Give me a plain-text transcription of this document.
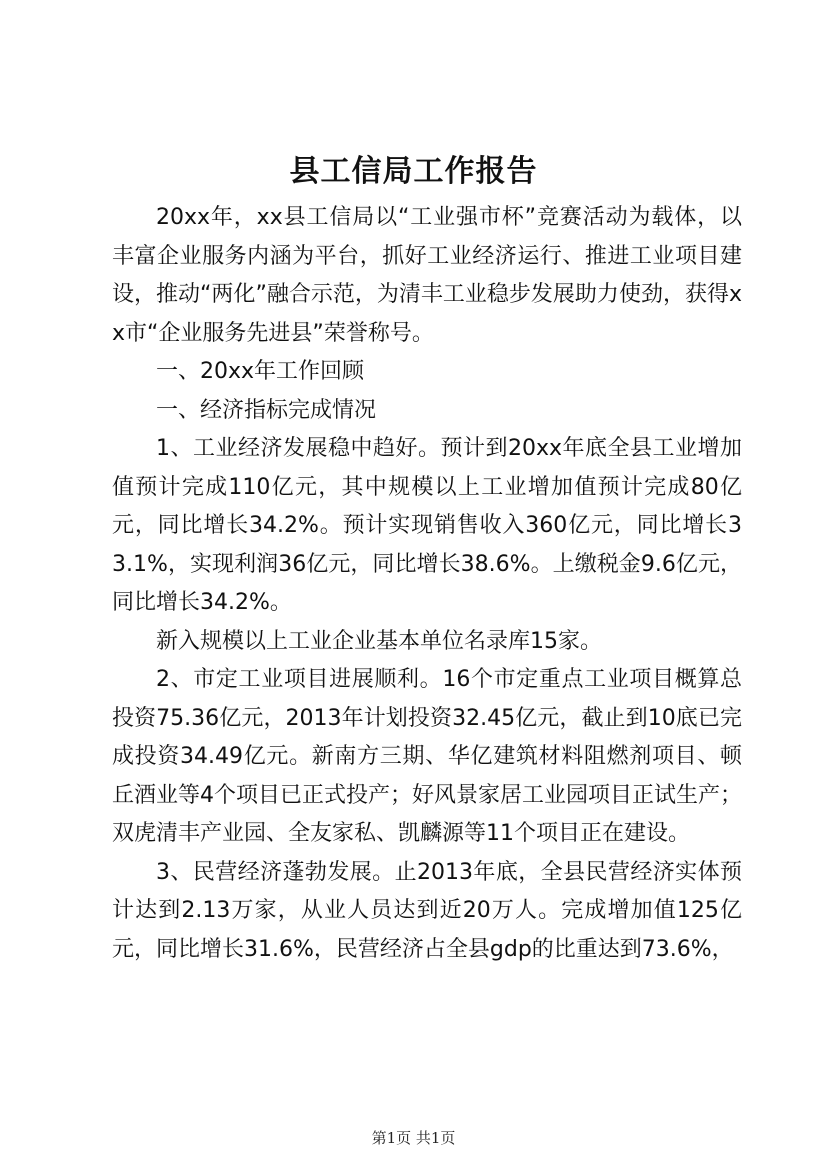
县工信局工作报告

20xx年，xx县工信局以“工业强市杯”竞赛活动为载体，以丰富企业服务内涵为平台，抓好工业经济运行、推进工业项目建设，推动“两化”融合示范，为清丰工业稳步发展助力使劲，获得xx市“企业服务先进县”荣誉称号。

一、20xx年工作回顾

一、经济指标完成情况

1、工业经济发展稳中趋好。预计到20xx年底全县工业增加值预计完成110亿元，其中规模以上工业增加值预计完成80亿元，同比增长34.2%。预计实现销售收入360亿元，同比增长33.1%，实现利润36亿元，同比增长38.6%。上缴税金9.6亿元，同比增长34.2%。

新入规模以上工业企业基本单位名录库15家。

2、市定工业项目进展顺利。16个市定重点工业项目概算总投资75.36亿元，2013年计划投资32.45亿元，截止到10底已完成投资34.49亿元。新南方三期、华亿建筑材料阻燃剂项目、顿丘酒业等4个项目已正式投产；好风景家居工业园项目正试生产；双虎清丰产业园、全友家私、凯麟源等11个项目正在建设。

3、民营经济蓬勃发展。止2013年底，全县民营经济实体预计达到2.13万家，从业人员达到近20万人。完成增加值125亿元，同比增长31.6%，民营经济占全县gdp的比重达到73.6%，

第1页 共1页
